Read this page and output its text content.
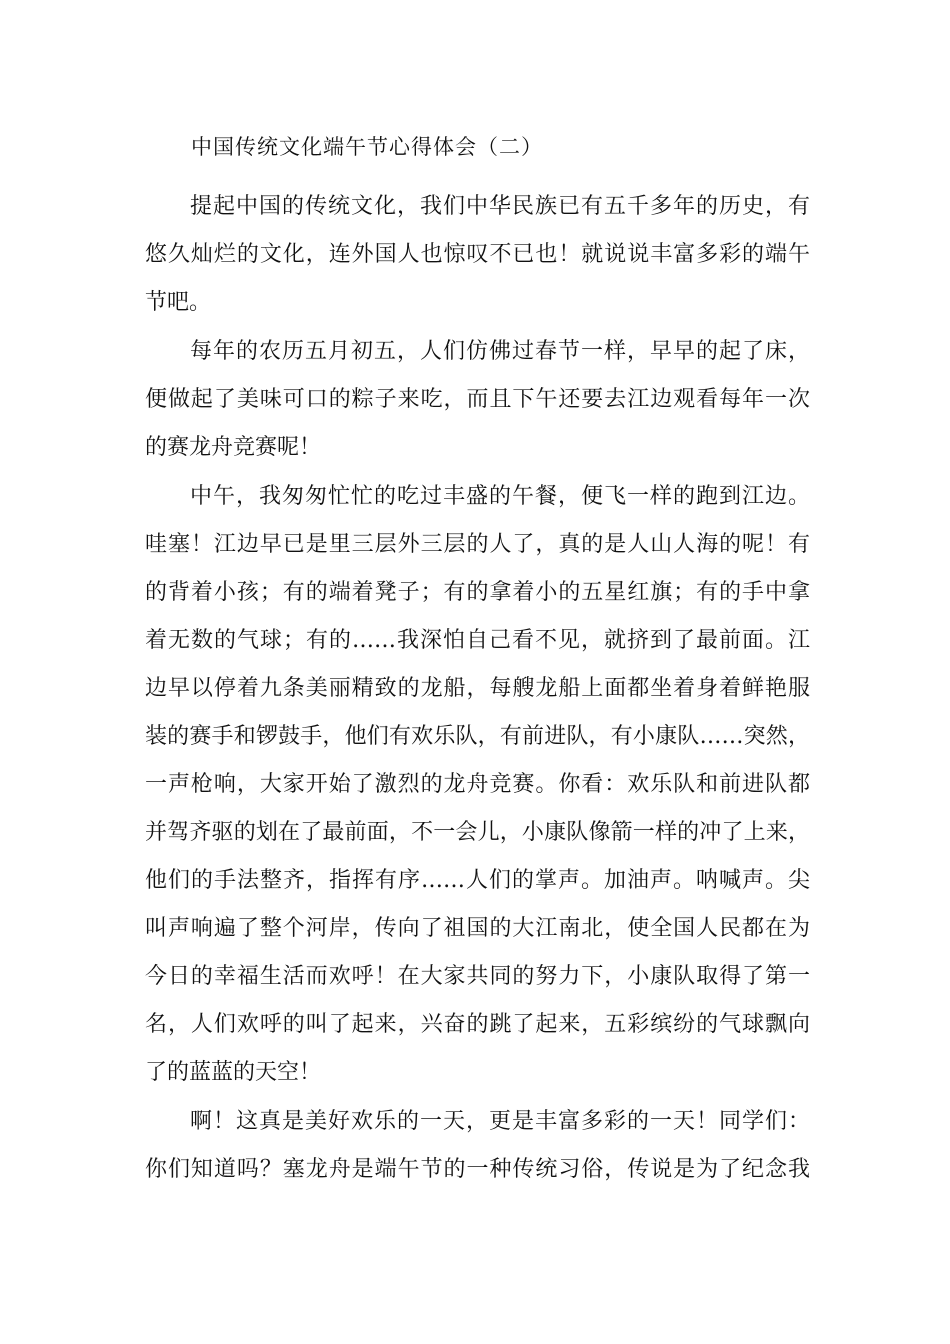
中国传统文化端午节心得体会（二）
提起中国的传统文化，我们中华民族已有五千多年的历史，有
悠久灿烂的文化，连外国人也惊叹不已也！就说说丰富多彩的端午
节吧。
每年的农历五月初五，人们仿佛过春节一样，早早的起了床，
便做起了美味可口的粽子来吃，而且下午还要去江边观看每年一次
的赛龙舟竞赛呢！
中午，我匆匆忙忙的吃过丰盛的午餐，便飞一样的跑到江边。
哇塞！江边早已是里三层外三层的人了，真的是人山人海的呢！有
的背着小孩；有的端着凳子；有的拿着小的五星红旗；有的手中拿
着无数的气球；有的……我深怕自己看不见，就挤到了最前面。江
边早以停着九条美丽精致的龙船，每艘龙船上面都坐着身着鲜艳服
装的赛手和锣鼓手，他们有欢乐队，有前进队，有小康队……突然，
一声枪响，大家开始了激烈的龙舟竞赛。你看：欢乐队和前进队都
并驾齐驱的划在了最前面，不一会儿，小康队像箭一样的冲了上来，
他们的手法整齐，指挥有序……人们的掌声。加油声。呐喊声。尖
叫声响遍了整个河岸，传向了祖国的大江南北，使全国人民都在为
今日的幸福生活而欢呼！在大家共同的努力下，小康队取得了第一
名，人们欢呼的叫了起来，兴奋的跳了起来，五彩缤纷的气球飘向
了的蓝蓝的天空！
啊！这真是美好欢乐的一天，更是丰富多彩的一天！同学们：
你们知道吗？塞龙舟是端午节的一种传统习俗，传说是为了纪念我
